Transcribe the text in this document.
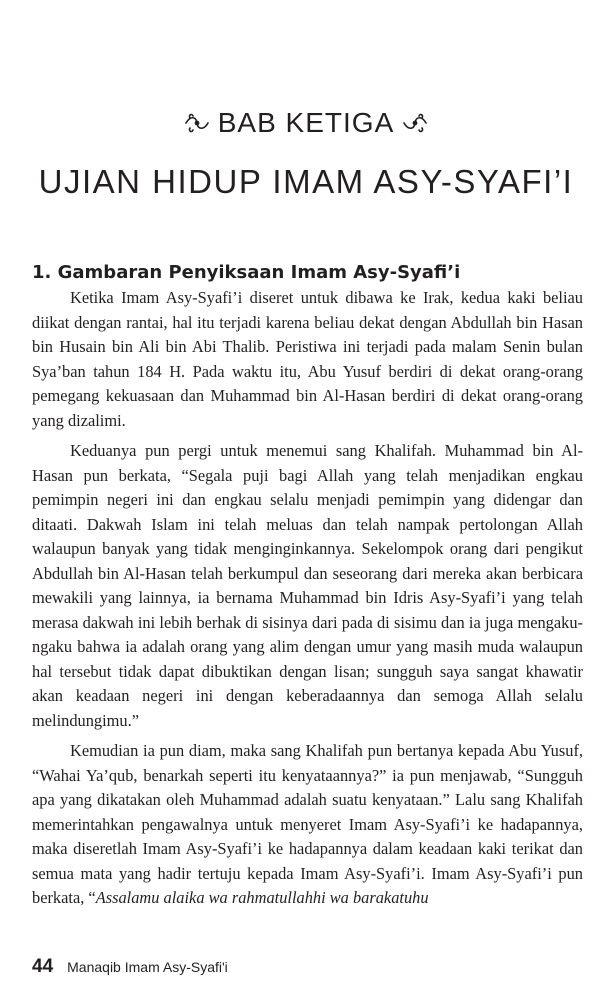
BAB KETIGA
UJIAN HIDUP IMAM ASY-SYAFI’I
1. Gambaran Penyiksaan Imam Asy-Syafi’i

Ketika Imam Asy-Syafi’i diseret untuk dibawa ke Irak, kedua kaki beliau diikat dengan rantai, hal itu terjadi karena beliau dekat dengan Abdullah bin Hasan bin Husain bin Ali bin Abi Thalib. Peristiwa ini terjadi pada malam Senin bulan Sya’ban tahun 184 H. Pada waktu itu, Abu Yusuf berdiri di dekat orang-orang pemegang kekuasaan dan Muhammad bin Al-Hasan berdiri di dekat orang-orang yang dizalimi.

Keduanya pun pergi untuk menemui sang Khalifah. Muhammad bin Al-Hasan pun berkata, “Segala puji bagi Allah yang telah menjadikan engkau pemimpin negeri ini dan engkau selalu menjadi pemimpin yang didengar dan ditaati. Dakwah Islam ini telah meluas dan telah nampak pertolongan Allah walaupun banyak yang tidak menginginkannya. Sekelompok orang dari pengikut Abdullah bin Al-Hasan telah berkumpul dan seseorang dari mereka akan berbicara mewakili yang lainnya, ia bernama Muhammad bin Idris Asy-Syafi’i yang telah merasa dakwah ini lebih berhak di sisinya dari pada di sisimu dan ia juga mengaku-ngaku bahwa ia adalah orang yang alim dengan umur yang masih muda walaupun hal tersebut tidak dapat dibuktikan dengan lisan; sungguh saya sangat khawatir akan keadaan negeri ini dengan keberadaannya dan semoga Allah selalu melindungimu.”

Kemudian ia pun diam, maka sang Khalifah pun bertanya kepada Abu Yusuf, “Wahai Ya’qub, benarkah seperti itu kenyataannya?” ia pun menjawab, “Sungguh apa yang dikatakan oleh Muhammad adalah suatu kenyataan.” Lalu sang Khalifah memerintahkan pengawalnya untuk menyeret Imam Asy-Syafi’i ke hadapannya, maka diseretlah Imam Asy-Syafi’i ke hadapannya dalam keadaan kaki terikat dan semua mata yang hadir tertuju kepada Imam Asy-Syafi’i. Imam Asy-Syafi’i pun berkata, “Assalamu alaika wa rahmatullahhi wa barakatuhu

44 Manaqib Imam Asy-Syafi'i
